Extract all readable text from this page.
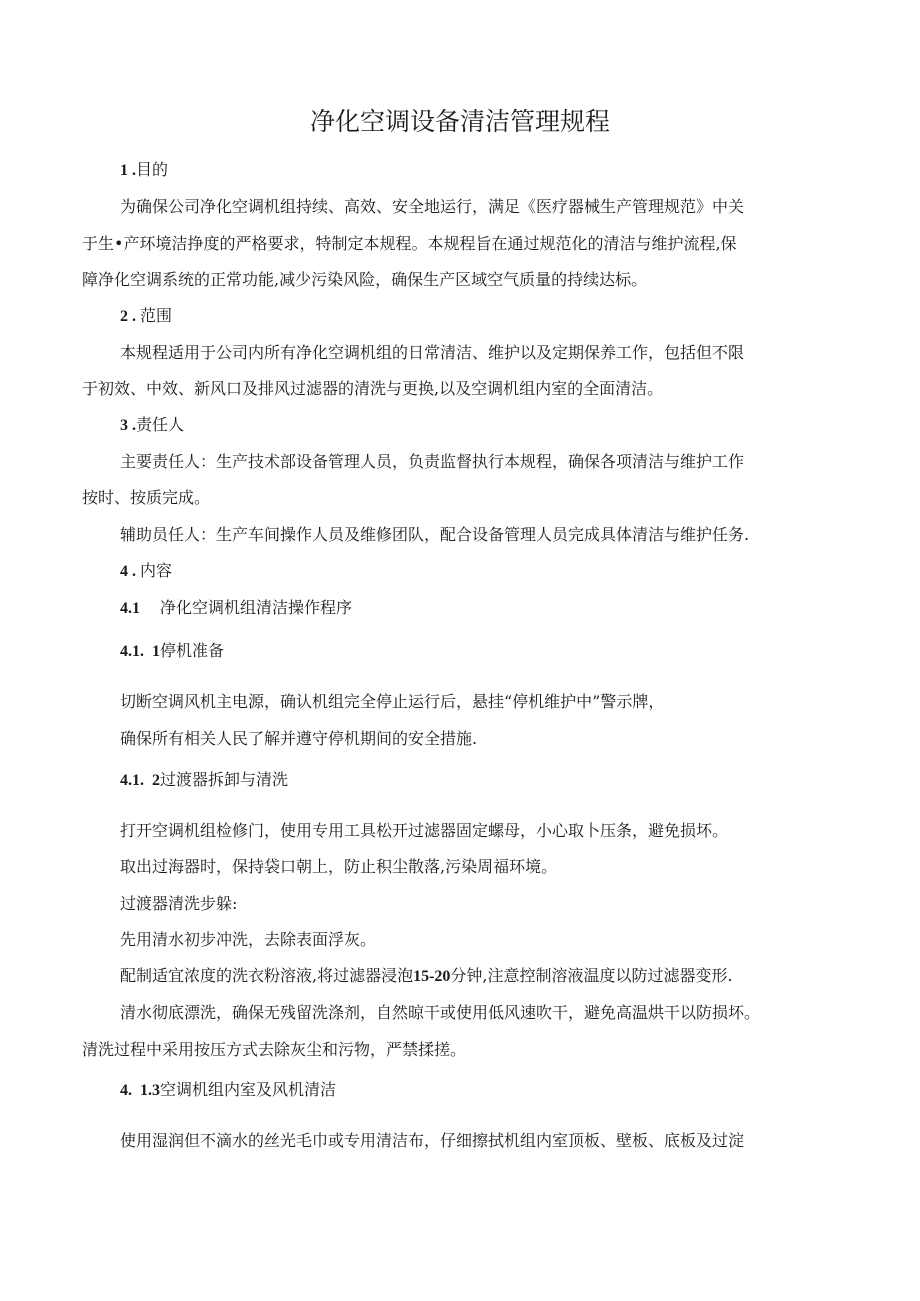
净化空调设备清洁管理规程
1 .目的
为确保公司净化空调机组持续、高效、安全地运行，满足《医疗器械生产管理规范》中关
于生•产环境洁挣度的严格要求，特制定本规程。本规程旨在通过规范化的清洁与维护流程,保
障净化空调系统的正常功能,减少污染风险，确保生产区域空气质量的持续达标。
2 . 范围
本规程适用于公司内所有净化空调机组的日常清洁、维护以及定期保养工作，包括但不限
于初效、中效、新风口及排风过滤器的清洗与更换,以及空调机组内室的全面清洁。
3 .责任人
主要责任人：生产技术部设备管理人员，负责监督执行本规程，确保各项清洁与维护工作
按时、按质完成。
辅助员任人：生产车间操作人员及维修团队，配合设备管理人员完成具体清洁与维护任务.
4 . 内容
4.1 净化空调机组清洁操作程序
4.1.  1停机准备
切断空调风机主电源，确认机组完全停止运行后，悬挂“停机维护中”警示牌，
确保所有相关人民了解并遵守停机期间的安全措施.
4.1.  2过渡器拆卸与清洗
打开空调机组检修门，使用专用工具松开过滤器固定螺母，小心取卜压条，避免损坏。
取出过海器时，保持袋口朝上，防止积尘散落,污染周福环境。
过渡器清洗步躲:
先用清水初步冲洗，去除表面浮灰。
配制适宜浓度的洗衣粉溶液,将过滤器浸泡15-20分钟,注意控制溶液温度以防过滤器变形.
清水彻底漂洗，确保无残留洗涤剂，自然晾干或使用低风速吹干，避免高温烘干以防损坏。
清洗过程中采用按压方式去除灰尘和污物，严禁揉搓。
4.  1.3空调机组内室及风机清洁
使用湿润但不滴水的丝光毛巾或专用清洁布，仔细擦拭机组内室顶板、壁板、底板及过淀
